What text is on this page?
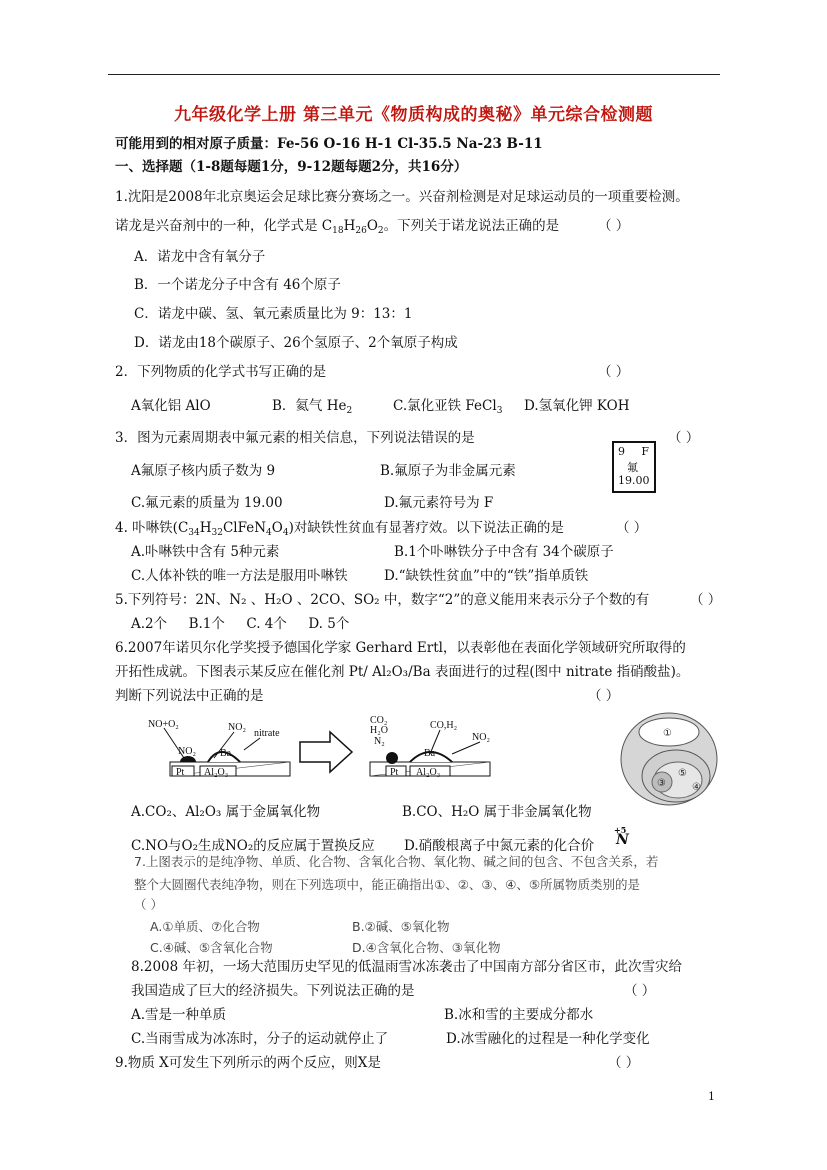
九年级化学上册 第三单元《物质构成的奥秘》单元综合检测题
可能用到的相对原子质量：Fe-56 O-16 H-1 Cl-35.5 Na-23 B-11
一、选择题（1-8题每题1分，9-12题每题2分，共16分）
1.沈阳是2008年北京奥运会足球比赛分赛场之一。兴奋剂检测是对足球运动员的一项重要检测。
诺龙是兴奋剂中的一种，化学式是 $C_{18}H_{26}O_2$。下列关于诺龙说法正确的是	（ ）
A．诺龙中含有氧分子
B．一个诺龙分子中含有 46个原子
C．诺龙中碳、氢、氧元素质量比为 9：13：1
D．诺龙由18个碳原子、26个氢原子、2个氧原子构成
2．下列物质的化学式书写正确的是	（ ）
A氧化铝 AlO	B．氦气 $He_2$	C.氯化亚铁 FeCl$_3$ D.氢氧化钾 KOH
3．图为元素周期表中氟元素的相关信息，下列说法错误的是	（ ）
9 F
氟
19.00
A氟原子核内质子数为 9	B.氟原子为非金属元素
C.氟元素的质量为 19.00	D.氟元素符号为 F
4. 卟啉铁$(C_{34}H_{32}ClFeN_4O_4)$对缺铁性贫血有显著疗效。以下说法正确的是	（ ）
A.卟啉铁中含有 5种元素	B.1个卟啉铁分子中含有 34个碳原子
C.人体补铁的唯一方法是服用卟啉铁	D.“缺铁性贫血”中的“铁”指单质铁
5.下列符号：2N、N₂ 、H₂O 、2CO、SO₂ 中，数字“2”的意义能用来表示分子个数的有	（ ）
A.2个     B.1个     C. 4个     D. 5个
6.2007年诺贝尔化学奖授予德国化学家 Gerhard Ertl，以表彰他在表面化学领域研究所取得的
开拓性成就。下图表示某反应在催化剂 Pt/ Al₂O₃/Ba 表面进行的过程(图中 nitrate 指硝酸盐)。
判断下列说法中正确的是	（ ）
NO+O₂
NO₂
NO₂
nitrate
Ba
Pt Al₂O₃
CO₂
H₂O
N₂
CO,H₂
NO₂
Ba
Pt Al₂O₃
①
③
⑤
④
A.CO₂、Al₂O₃ 属于金属氧化物	B.CO、H₂O 属于非金属氧化物
C.NO与O₂生成NO₂的反应属于置换反应 D.硝酸根离子中氮元素的化合价
+5
N
7.上图表示的是纯净物、单质、化合物、含氧化合物、氧化物、碱之间的包含、不包含关系，若
整个大圆圈代表纯净物，则在下列选项中，能正确指出①、②、③、④、⑤所属物质类别的是
（ ）
A.①单质、⑦化合物	B.②碱、⑤氧化物
C.④碱、⑤含氧化合物	D.④含氧化合物、③氧化物
8.2008 年初，一场大范围历史罕见的低温雨雪冰冻袭击了中国南方部分省区市，此次雪灾给
我国造成了巨大的经济损失。下列说法正确的是	（ ）
A.雪是一种单质	B.冰和雪的主要成分都水
C.当雨雪成为冰冻时，分子的运动就停止了	D.冰雪融化的过程是一种化学变化
9.物质 X可发生下列所示的两个反应，则X是	（ ）
1
